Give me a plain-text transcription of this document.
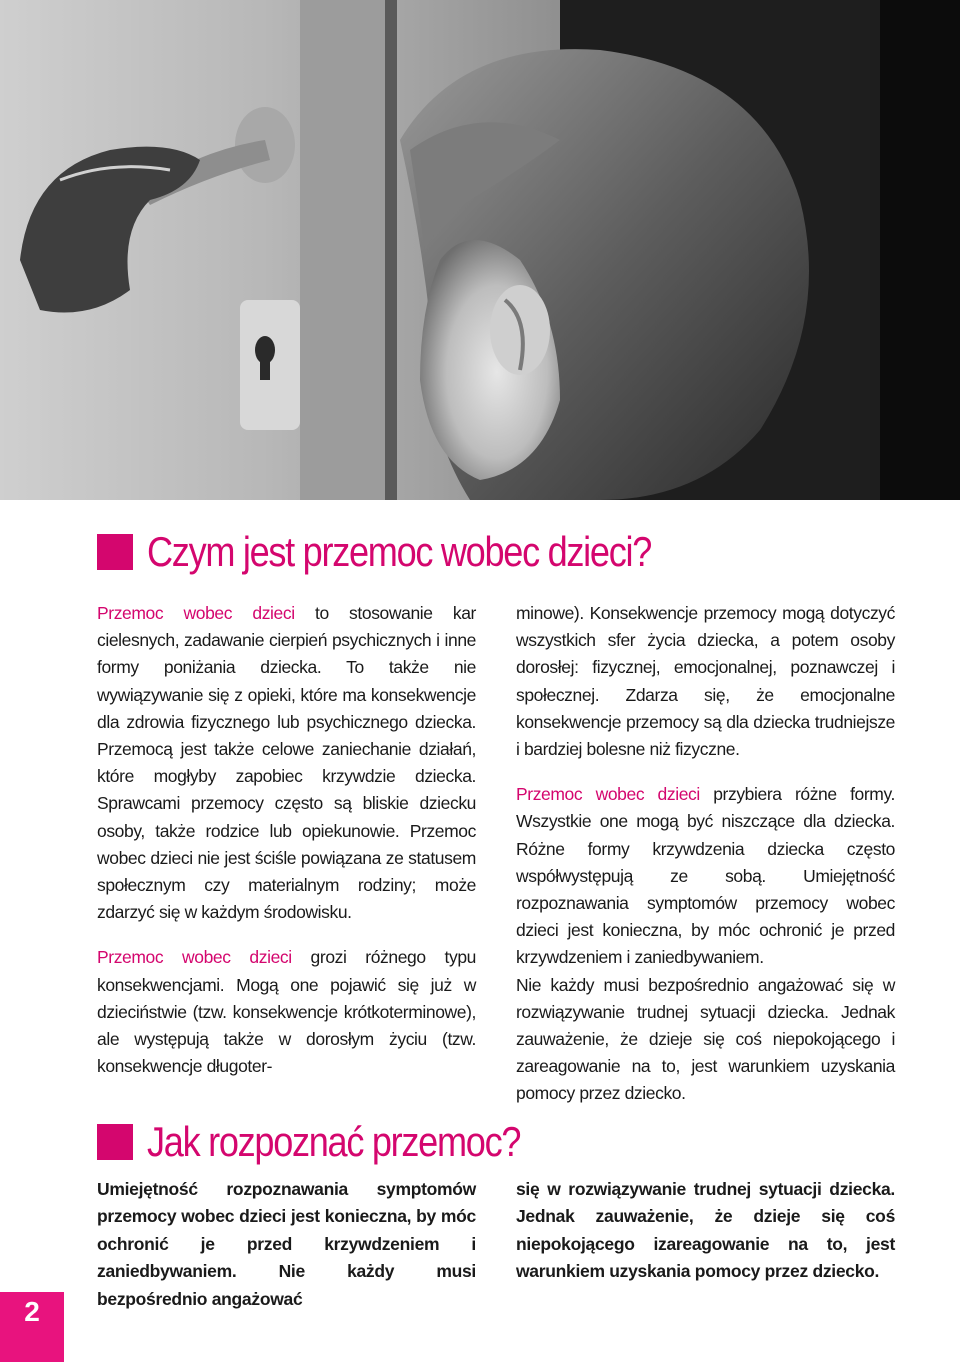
Czym jest przemoc wobec dzieci?

Przemoc wobec dzieci to stosowanie kar cielesnych, zadawanie cierpień psychicznych i inne formy poniżania dziecka. To także nie wywiązywanie się z opieki, które ma konsekwencje dla zdrowia fizycznego lub psychicznego dziecka. Przemocą jest także celowe zaniechanie działań, które mogłyby zapobiec krzywdzie dziecka. Sprawcami przemocy często są bliskie dziecku osoby, także rodzice lub opiekunowie. Przemoc wobec dzieci nie jest ściśle powiązana ze statusem społecznym czy materialnym rodziny; może zdarzyć się w każdym środowisku.

Przemoc wobec dzieci grozi różnego typu konsekwencjami. Mogą one pojawić się już w dzieciństwie (tzw. konsekwencje krótkoterminowe), ale występują także w dorosłym życiu (tzw. konsekwencje długoter-

minowe). Konsekwencje przemocy mogą dotyczyć wszystkich sfer życia dziecka, a potem osoby dorosłej: fizycznej, emocjonalnej, poznawczej i społecznej. Zdarza się, że emocjonalne konsekwencje przemocy są dla dziecka trudniejsze i bardziej bolesne niż fizyczne.

Przemoc wobec dzieci przybiera różne formy. Wszystkie one mogą być niszczące dla dziecka. Różne formy krzywdzenia dziecka często współwystępują ze sobą. Umiejętność rozpoznawania symptomów przemocy wobec dzieci jest konieczna, by móc ochronić je przed krzywdzeniem i zaniedbywaniem.

Nie każdy musi bezpośrednio angażować się w rozwiązywanie trudnej sytuacji dziecka. Jednak zauważenie, że dzieje się coś niepokojącego i zareagowanie na to, jest warunkiem uzyskania pomocy przez dziecko.

Jak rozpoznać przemoc?
Umiejętność rozpoznawania symptomów przemocy wobec dzieci jest konieczna, by móc ochronić je przed krzywdzeniem i zaniedbywaniem. Nie każdy musi bezpośrednio angażować
się w rozwiązywanie trudnej sytuacji dziecka. Jednak zauważenie, że dzieje się coś niepokojącego izareagowanie na to, jest warunkiem uzyskania pomocy przez dziecko.
2
